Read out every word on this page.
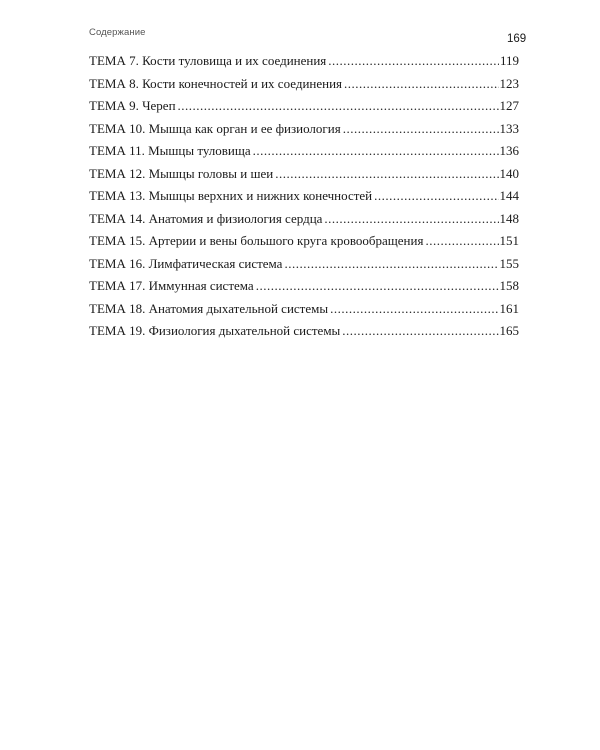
Содержание
169
ТЕМА 7. Кости туловища и их соединения .....	119
ТЕМА 8. Кости конечностей и их соединения .....	123
ТЕМА 9. Череп .....	127
ТЕМА 10. Мышца как орган и ее физиология .....	133
ТЕМА 11. Мышцы туловища .....	136
ТЕМА 12. Мышцы головы и шеи .....	140
ТЕМА 13. Мышцы верхних и нижних конечностей .....	144
ТЕМА 14. Анатомия и физиология сердца .....	148
ТЕМА 15. Артерии и вены большого круга кровообращения .....	151
ТЕМА 16. Лимфатическая система .....	155
ТЕМА 17. Иммунная система .....	158
ТЕМА 18. Анатомия дыхательной системы .....	161
ТЕМА 19. Физиология дыхательной системы .....	165
